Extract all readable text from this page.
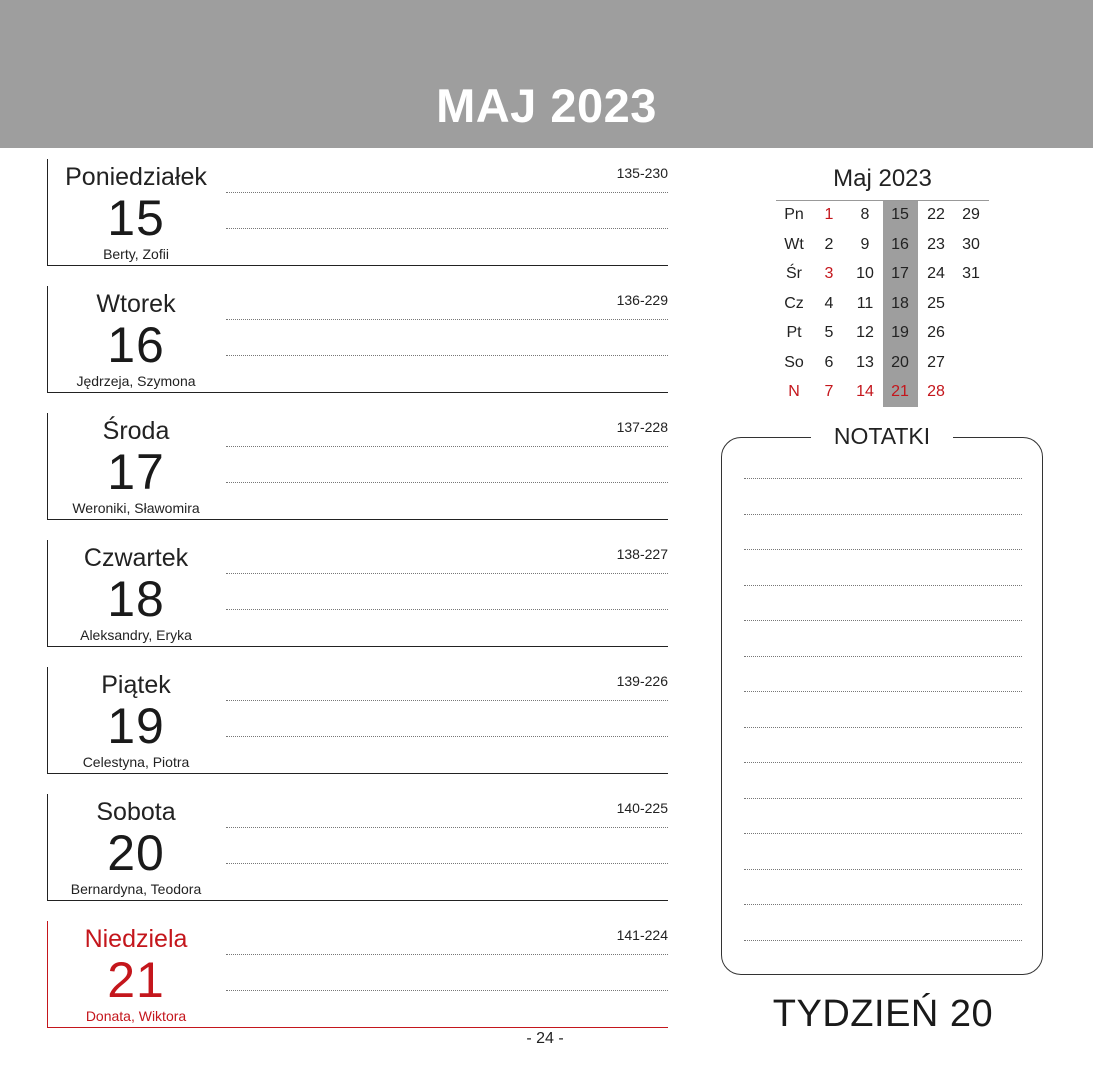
MAJ 2023
Poniedziałek
15
Berty, Zofii
135-230
Wtorek
16
Jędrzeja, Szymona
136-229
Środa
17
Weroniki, Sławomira
137-228
Czwartek
18
Aleksandry, Eryka
138-227
Piątek
19
Celestyna, Piotra
139-226
Sobota
20
Bernardyna, Teodora
140-225
Niedziela
21
Donata, Wiktora
141-224
- 24 -
Maj 2023
Pn	1	8	15	22	29
Wt	2	9	16	23	30
Śr	3	10	17	24	31
Cz	4	11	18	25
Pt	5	12	19	26
So	6	13	20	27
N	7	14	21	28
NOTATKI
TYDZIEŃ 20
